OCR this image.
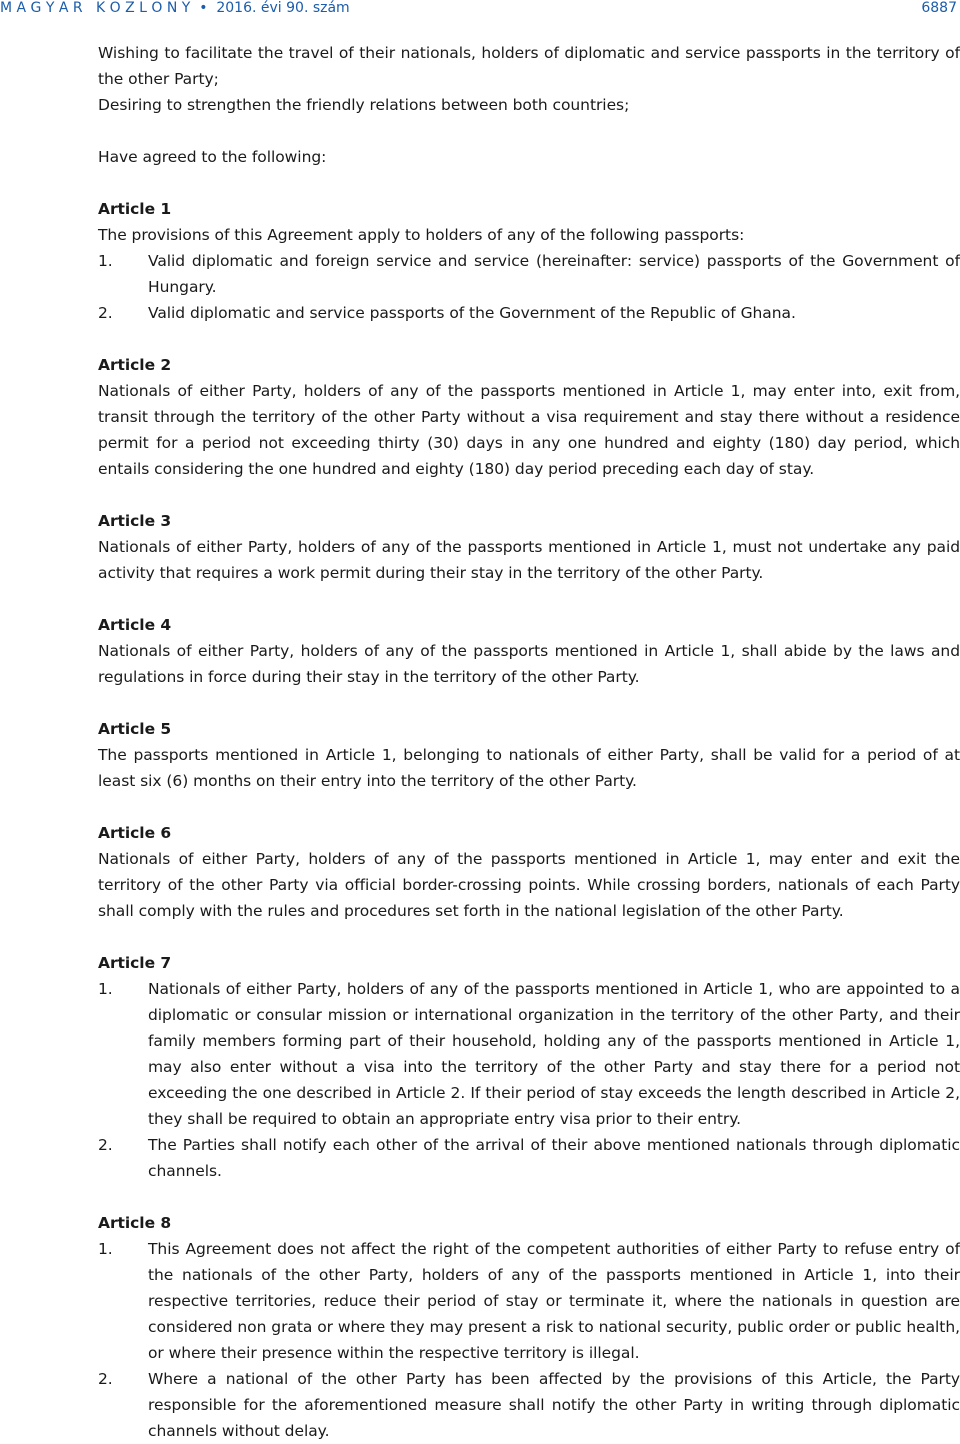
M A G Y A R   K Ö Z L Ö N Y  •  2016. évi 90. szám	6887

Wishing to facilitate the travel of their nationals, holders of diplomatic and service passports in the territory of the other Party;

Desiring to strengthen the friendly relations between both countries;

Have agreed to the following:

Article 1

The provisions of this Agreement apply to holders of any of the following passports:

1.	Valid diplomatic and foreign service and service (hereinafter: service) passports of the Government of Hungary.
2.	Valid diplomatic and service passports of the Government of the Republic of Ghana.

Article 2

Nationals of either Party, holders of any of the passports mentioned in Article 1, may enter into, exit from, transit through the territory of the other Party without a visa requirement and stay there without a residence permit for a period not exceeding thirty (30) days in any one hundred and eighty (180) day period, which entails considering the one hundred and eighty (180) day period preceding each day of stay.

Article 3

Nationals of either Party, holders of any of the passports mentioned in Article 1, must not undertake any paid activity that requires a work permit during their stay in the territory of the other Party.

Article 4

Nationals of either Party, holders of any of the passports mentioned in Article 1, shall abide by the laws and regulations in force during their stay in the territory of the other Party.

Article 5

The passports mentioned in Article 1, belonging to nationals of either Party, shall be valid for a period of at least six (6) months on their entry into the territory of the other Party.

Article 6

Nationals of either Party, holders of any of the passports mentioned in Article 1, may enter and exit the territory of the other Party via official border-crossing points. While crossing borders, nationals of each Party shall comply with the rules and procedures set forth in the national legislation of the other Party.

Article 7

1.	Nationals of either Party, holders of any of the passports mentioned in Article 1, who are appointed to a diplomatic or consular mission or international organization in the territory of the other Party, and their family members forming part of their household, holding any of the passports mentioned in Article 1, may also enter without a visa into the territory of the other Party and stay there for a period not exceeding the one described in Article 2. If their period of stay exceeds the length described in Article 2, they shall be required to obtain an appropriate entry visa prior to their entry.
2.	The Parties shall notify each other of the arrival of their above mentioned nationals through diplomatic channels.

Article 8

1.	This Agreement does not affect the right of the competent authorities of either Party to refuse entry of the nationals of the other Party, holders of any of the passports mentioned in Article 1, into their respective territories, reduce their period of stay or terminate it, where the nationals in question are considered non grata or where they may present a risk to national security, public order or public health, or where their presence within the respective territory is illegal.
2.	Where a national of the other Party has been affected by the provisions of this Article, the Party responsible for the aforementioned measure shall notify the other Party in writing through diplomatic channels without delay.
